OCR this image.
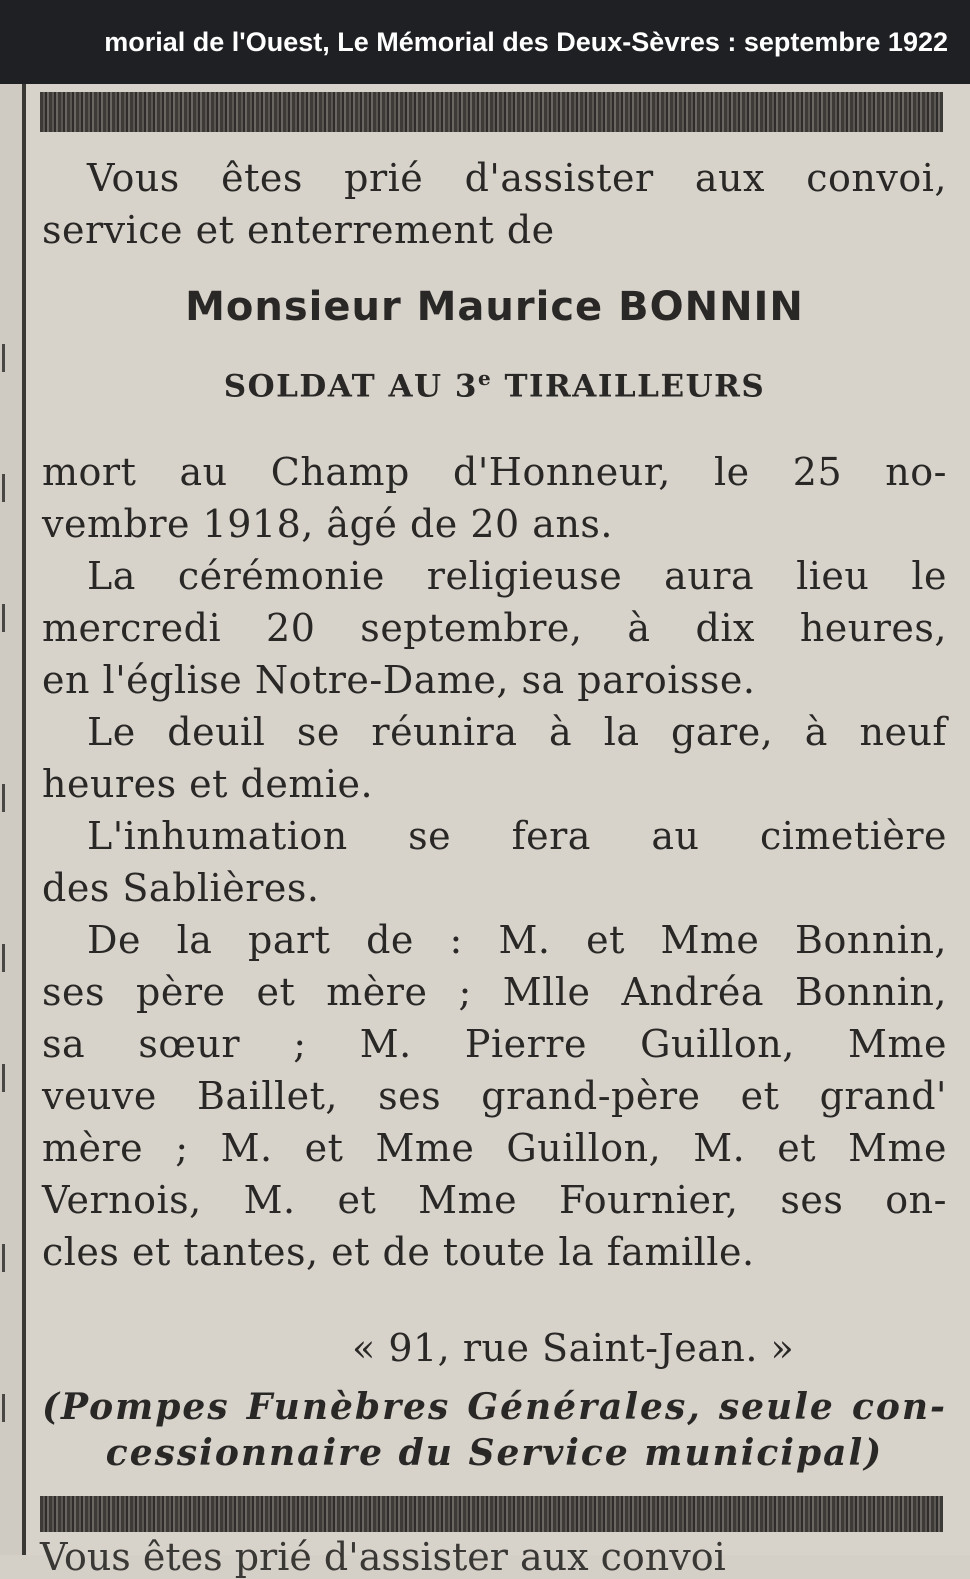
morial de l'Ouest, Le Mémorial des Deux-Sèvres : septembre 1922
Vous êtes prié d'assister aux convoi,
service et enterrement de
Monsieur Maurice BONNIN
SOLDAT AU 3e TIRAILLEURS
mort au Champ d'Honneur, le 25 no-
vembre 1918, âgé de 20 ans.
La cérémonie religieuse aura lieu le
mercredi 20 septembre, à dix heures,
en l'église Notre-Dame, sa paroisse.
Le deuil se réunira à la gare, à neuf
heures et demie.
L'inhumation se fera au cimetière
des Sablières.
De la part de : M. et Mme Bonnin,
ses père et mère ; Mlle Andréa Bonnin,
sa sœur ; M. Pierre Guillon, Mme
veuve Baillet, ses grand-père et grand'
mère ; M. et Mme Guillon, M. et Mme
Vernois, M. et Mme Fournier, ses on-
cles et tantes, et de toute la famille.
« 91, rue Saint-Jean. »
(Pompes Funèbres Générales, seule con-
cessionnaire du Service municipal)
Vous êtes prié d'assister aux convoi
